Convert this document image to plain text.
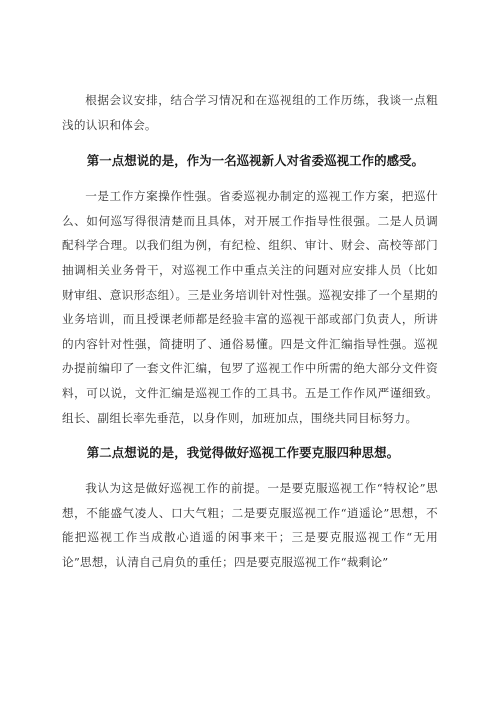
根据会议安排，结合学习情况和在巡视组的工作历练，我谈一点粗浅的认识和体会。

第一点想说的是，作为一名巡视新人对省委巡视工作的感受。

一是工作方案操作性强。省委巡视办制定的巡视工作方案，把巡什么、如何巡写得很清楚而且具体，对开展工作指导性很强。二是人员调配科学合理。以我们组为例，有纪检、组织、审计、财会、高校等部门抽调相关业务骨干，对巡视工作中重点关注的问题对应安排人员（比如财审组、意识形态组）。三是业务培训针对性强。巡视安排了一个星期的业务培训，而且授课老师都是经验丰富的巡视干部或部门负责人，所讲的内容针对性强，简捷明了、通俗易懂。四是文件汇编指导性强。巡视办提前编印了一套文件汇编，包罗了巡视工作中所需的绝大部分文件资料，可以说，文件汇编是巡视工作的工具书。五是工作作风严谨细致。组长、副组长率先垂范，以身作则，加班加点，围绕共同目标努力。

第二点想说的是，我觉得做好巡视工作要克服四种思想。

我认为这是做好巡视工作的前提。一是要克服巡视工作“特权论”思想，不能盛气凌人、口大气粗；二是要克服巡视工作“逍遥论”思想，不能把巡视工作当成散心逍遥的闲事来干；三是要克服巡视工作“无用论”思想，认清自己肩负的重任；四是要克服巡视工作“裁剩论”
